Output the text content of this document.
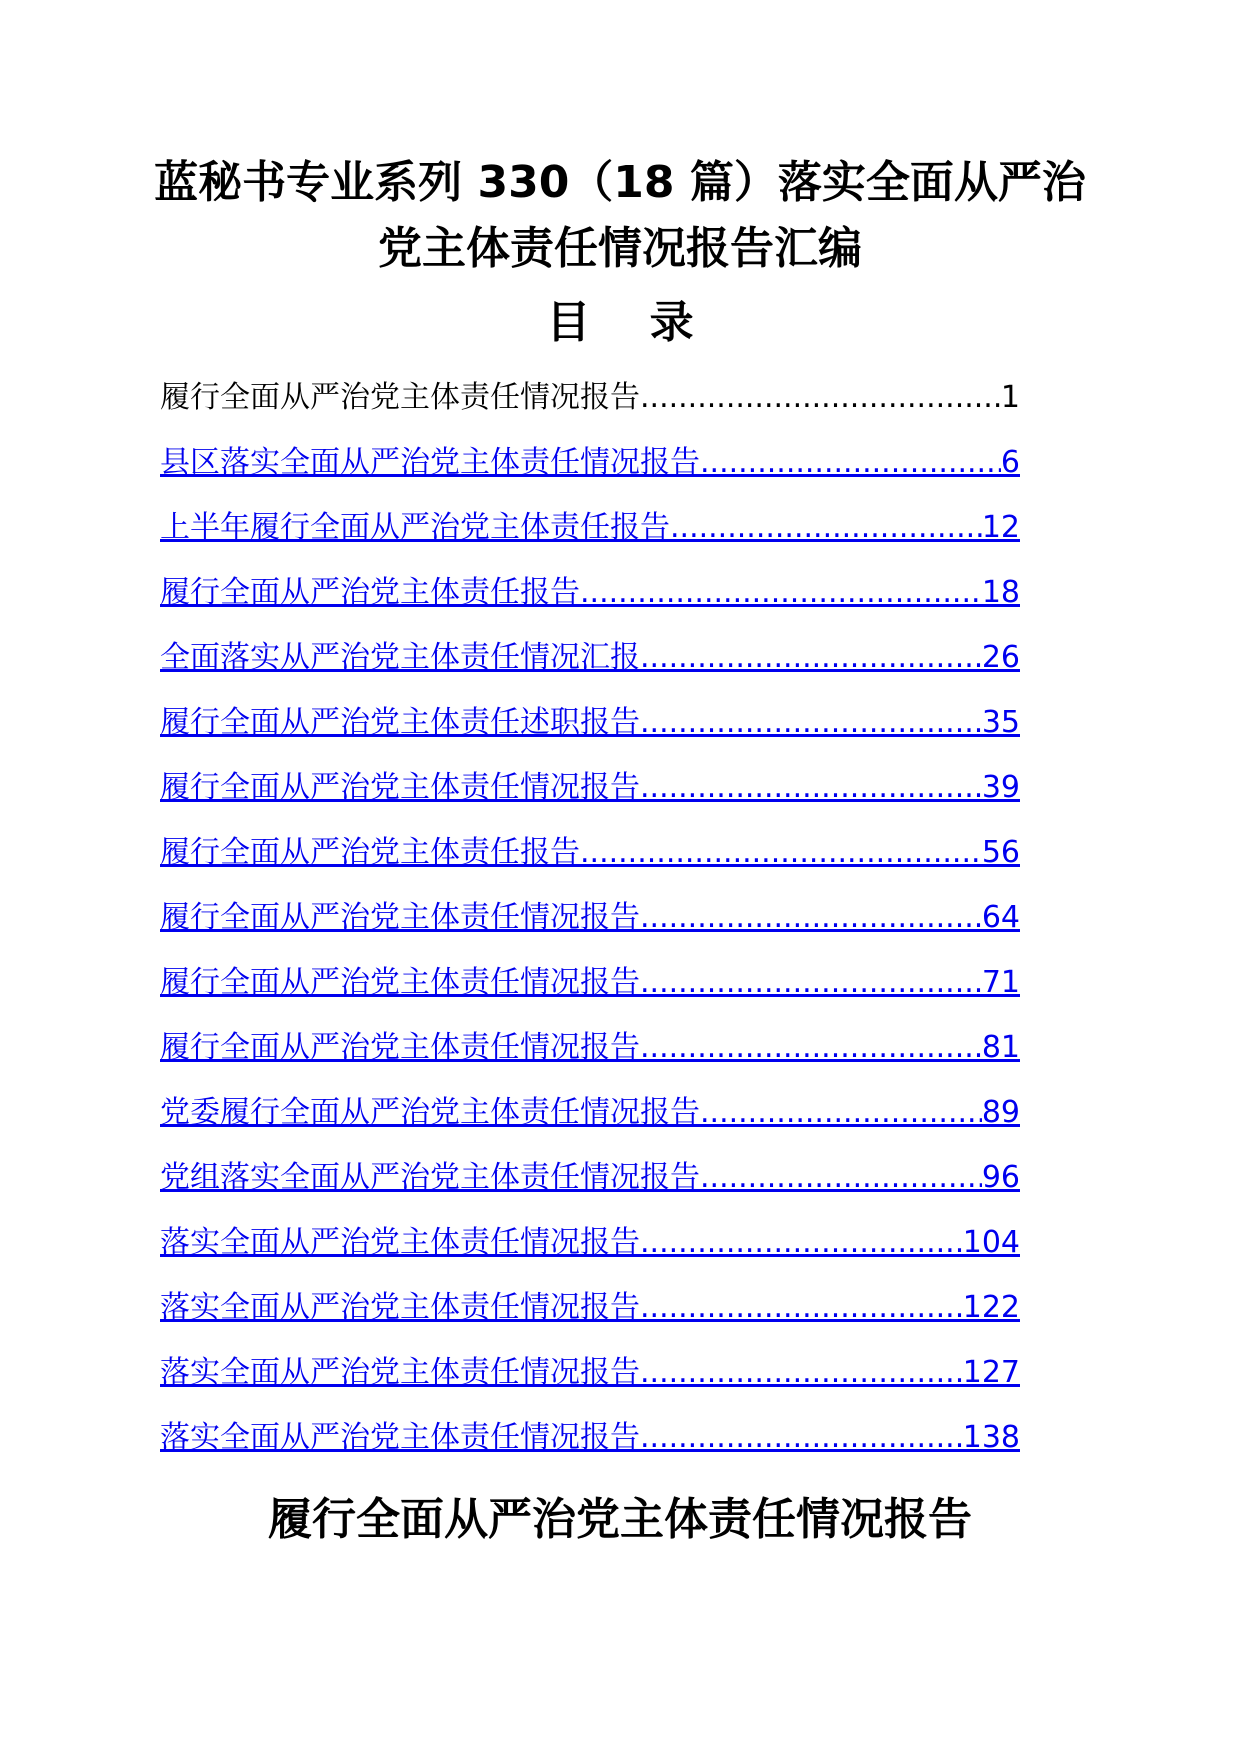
蓝秘书专业系列 330（18 篇）落实全面从严治
党主体责任情况报告汇编
目 录
履行全面从严治党主体责任情况报告 .....	1
县区落实全面从严治党主体责任情况报告 .....	6
上半年履行全面从严治党主体责任报告 .....	12
履行全面从严治党主体责任报告 .....	18
全面落实从严治党主体责任情况汇报 .....	26
履行全面从严治党主体责任述职报告 .....	35
履行全面从严治党主体责任情况报告 .....	39
履行全面从严治党主体责任报告 .....	56
履行全面从严治党主体责任情况报告 .....	64
履行全面从严治党主体责任情况报告 .....	71
履行全面从严治党主体责任情况报告 .....	81
党委履行全面从严治党主体责任情况报告 .....	89
党组落实全面从严治党主体责任情况报告 .....	96
落实全面从严治党主体责任情况报告 .....	104
落实全面从严治党主体责任情况报告 .....	122
落实全面从严治党主体责任情况报告 .....	127
落实全面从严治党主体责任情况报告 .....	138
履行全面从严治党主体责任情况报告
